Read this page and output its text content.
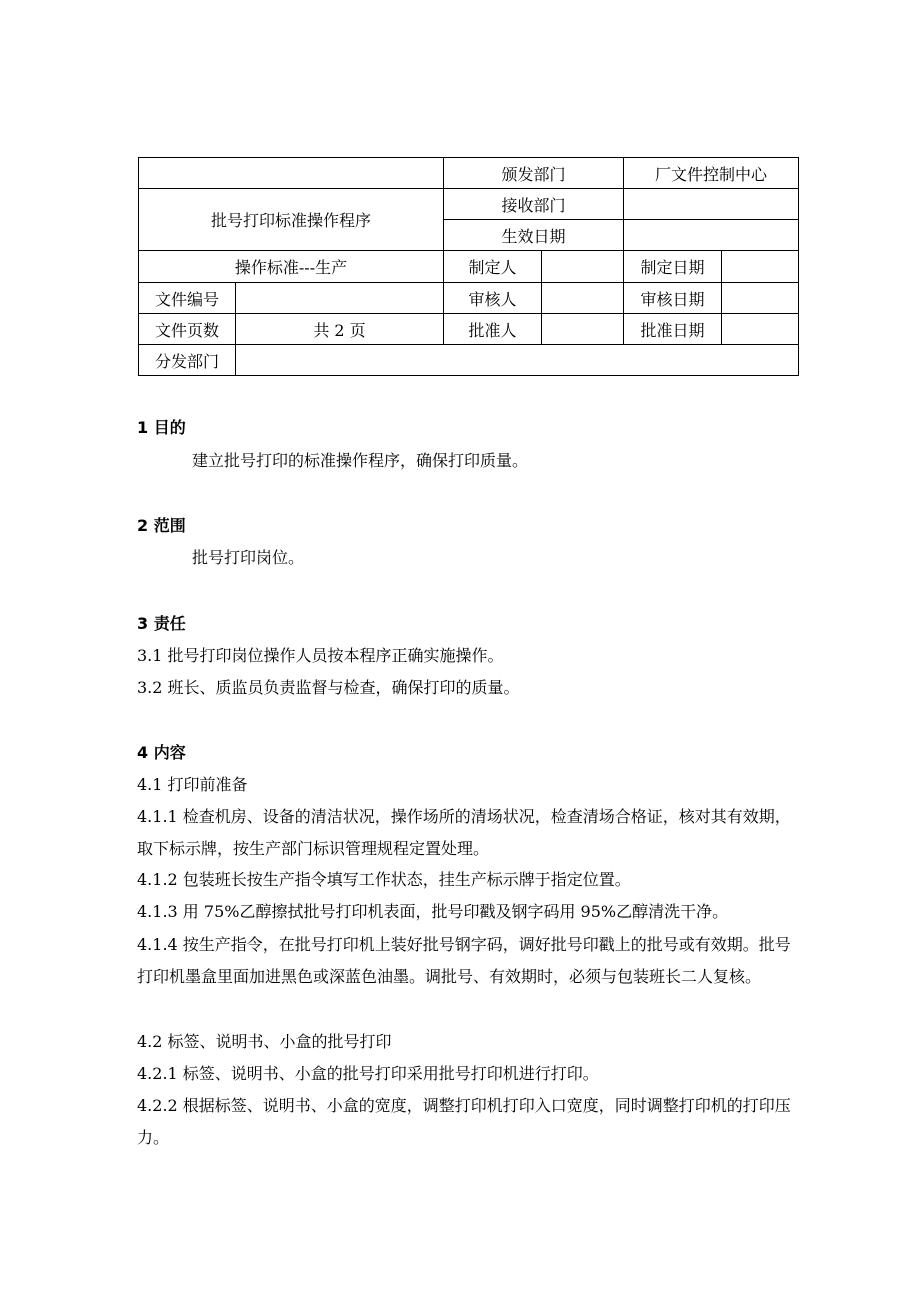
		颁发部门		厂文件控制中心	
批号打印标准操作程序		接收部门			
		生效日期			
操作标准---生产		制定人		制定日期	
文件编号		审核人		审核日期	
文件页数	共 2 页	批准人		批准日期	
分发部门					
1 目的

建立批号打印的标准操作程序，确保打印质量。

2 范围

批号打印岗位。

3 责任

3.1 批号打印岗位操作人员按本程序正确实施操作。

3.2 班长、质监员负责监督与检查，确保打印的质量。

4 内容

4.1 打印前准备

4.1.1 检查机房、设备的清洁状况，操作场所的清场状况，检查清场合格证，核对其有效期，取下标示牌，按生产部门标识管理规程定置处理。

4.1.2 包装班长按生产指令填写工作状态，挂生产标示牌于指定位置。

4.1.3 用 75%乙醇擦拭批号打印机表面，批号印戳及钢字码用 95%乙醇清洗干净。

4.1.4 按生产指令，在批号打印机上装好批号钢字码，调好批号印戳上的批号或有效期。批号打印机墨盒里面加进黑色或深蓝色油墨。调批号、有效期时，必须与包装班长二人复核。

4.2 标签、说明书、小盒的批号打印

4.2.1 标签、说明书、小盒的批号打印采用批号打印机进行打印。

4.2.2 根据标签、说明书、小盒的宽度，调整打印机打印入口宽度，同时调整打印机的打印压力。
